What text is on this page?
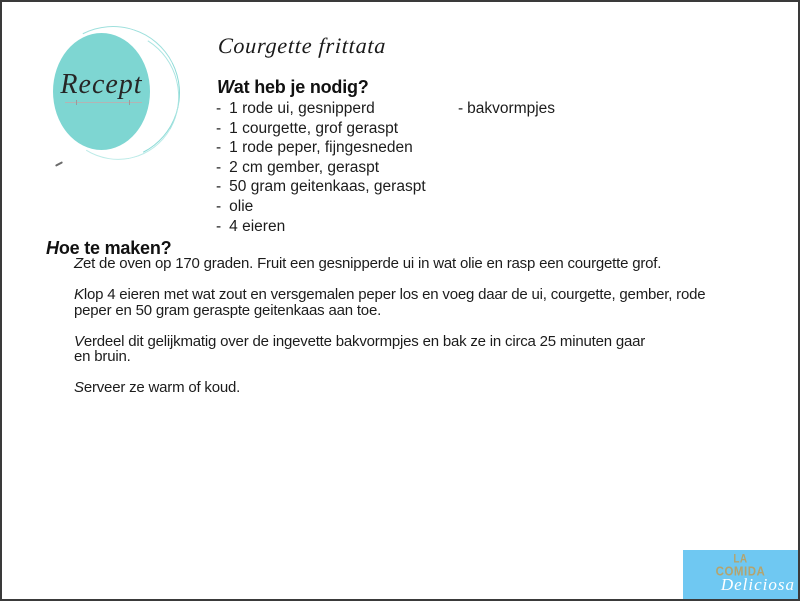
Recept
Courgette frittata
Wat heb je nodig?
- 1 rode ui, gesnipperd
- 1 courgette, grof geraspt
- 1 rode peper, fijngesneden
- 2 cm gember, geraspt
- 50 gram geitenkaas, geraspt
- olie
- 4 eieren
- bakvormpjes
Hoe te maken?
Zet de oven op 170 graden. Fruit een gesnipperde ui in wat olie en rasp een courgette grof.
Klop 4 eieren met wat zout en versgemalen peper los en voeg daar de ui, courgette, gember, rode
peper en 50 gram geraspte geitenkaas aan toe.
Verdeel dit gelijkmatig over de ingevette bakvormpjes en bak ze in circa 25 minuten gaar
en bruin.
Serveer ze warm of koud.
LA
COMIDA
Deliciosa
